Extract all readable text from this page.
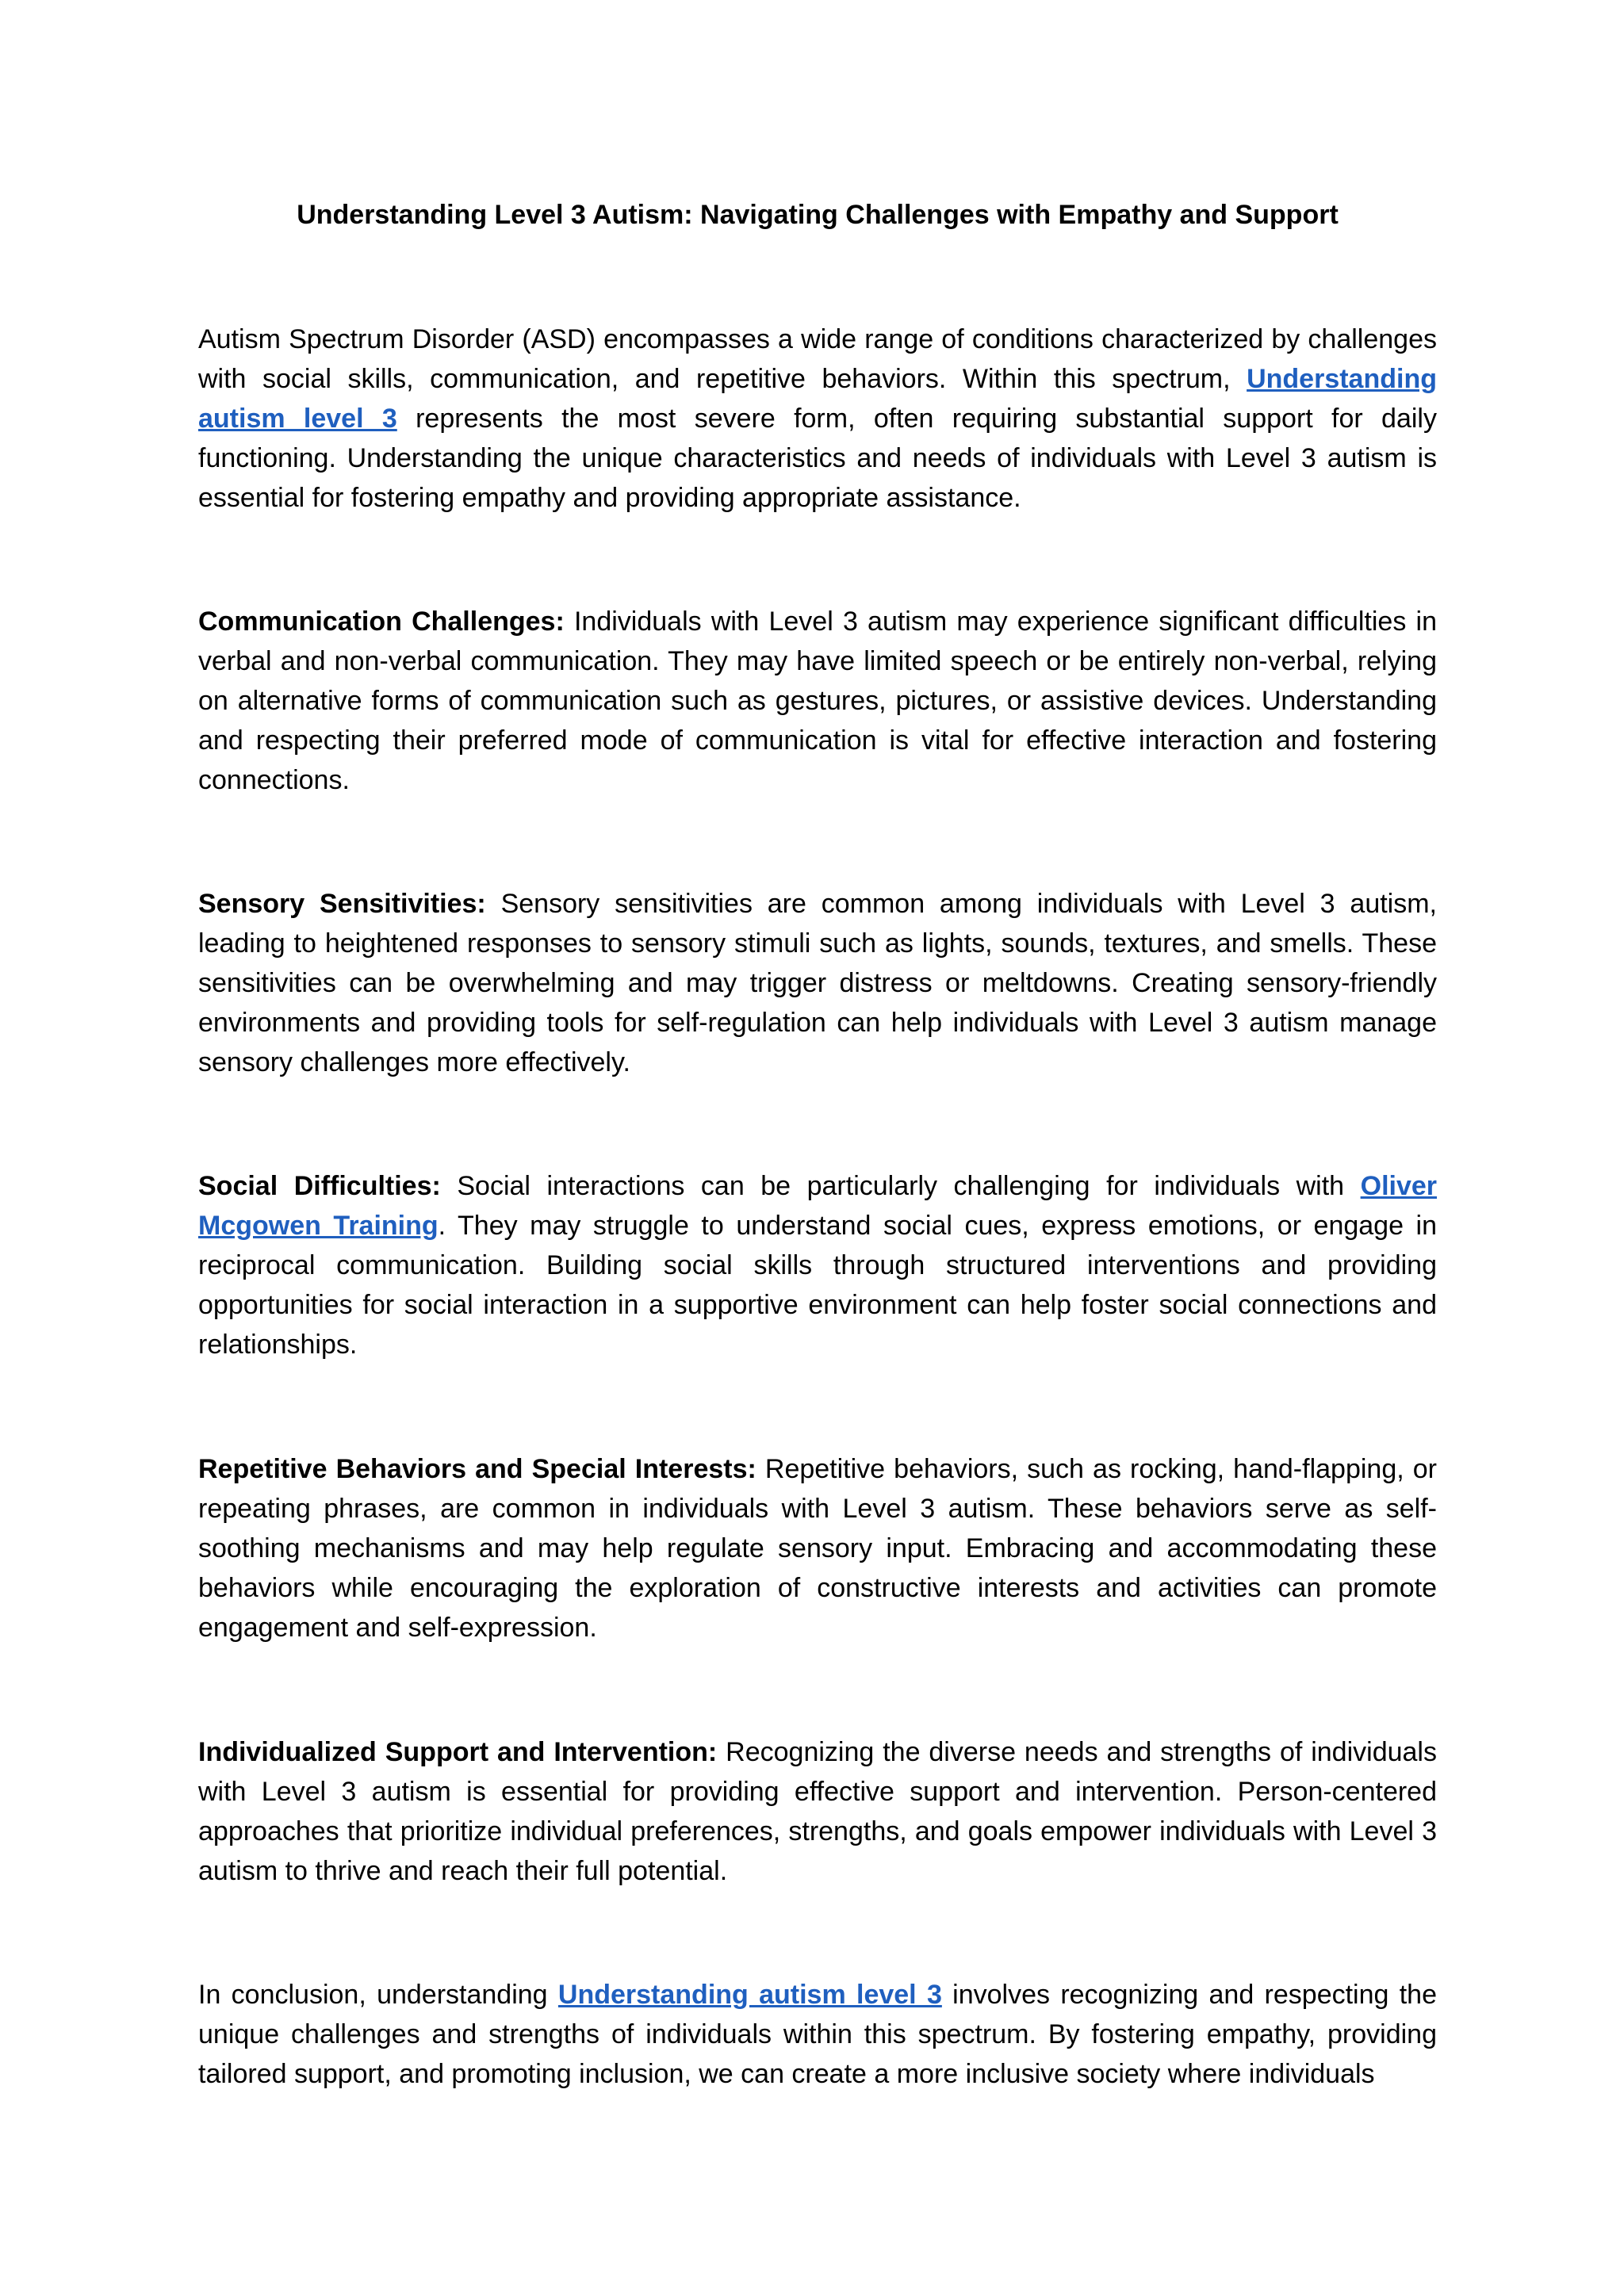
Understanding Level 3 Autism: Navigating Challenges with Empathy and Support

Autism Spectrum Disorder (ASD) encompasses a wide range of conditions characterized by challenges with social skills, communication, and repetitive behaviors. Within this spectrum, Understanding autism level 3 represents the most severe form, often requiring substantial support for daily functioning. Understanding the unique characteristics and needs of individuals with Level 3 autism is essential for fostering empathy and providing appropriate assistance.

Communication Challenges: Individuals with Level 3 autism may experience significant difficulties in verbal and non-verbal communication. They may have limited speech or be entirely non-verbal, relying on alternative forms of communication such as gestures, pictures, or assistive devices. Understanding and respecting their preferred mode of communication is vital for effective interaction and fostering connections.

Sensory Sensitivities: Sensory sensitivities are common among individuals with Level 3 autism, leading to heightened responses to sensory stimuli such as lights, sounds, textures, and smells. These sensitivities can be overwhelming and may trigger distress or meltdowns. Creating sensory-friendly environments and providing tools for self-regulation can help individuals with Level 3 autism manage sensory challenges more effectively.

Social Difficulties: Social interactions can be particularly challenging for individuals with Oliver Mcgowen Training. They may struggle to understand social cues, express emotions, or engage in reciprocal communication. Building social skills through structured interventions and providing opportunities for social interaction in a supportive environment can help foster social connections and relationships.

Repetitive Behaviors and Special Interests: Repetitive behaviors, such as rocking, hand-flapping, or repeating phrases, are common in individuals with Level 3 autism. These behaviors serve as self-soothing mechanisms and may help regulate sensory input. Embracing and accommodating these behaviors while encouraging the exploration of constructive interests and activities can promote engagement and self-expression.

Individualized Support and Intervention: Recognizing the diverse needs and strengths of individuals with Level 3 autism is essential for providing effective support and intervention. Person-centered approaches that prioritize individual preferences, strengths, and goals empower individuals with Level 3 autism to thrive and reach their full potential.

In conclusion, understanding Understanding autism level 3 involves recognizing and respecting the unique challenges and strengths of individuals within this spectrum. By fostering empathy, providing tailored support, and promoting inclusion, we can create a more inclusive society where individuals
